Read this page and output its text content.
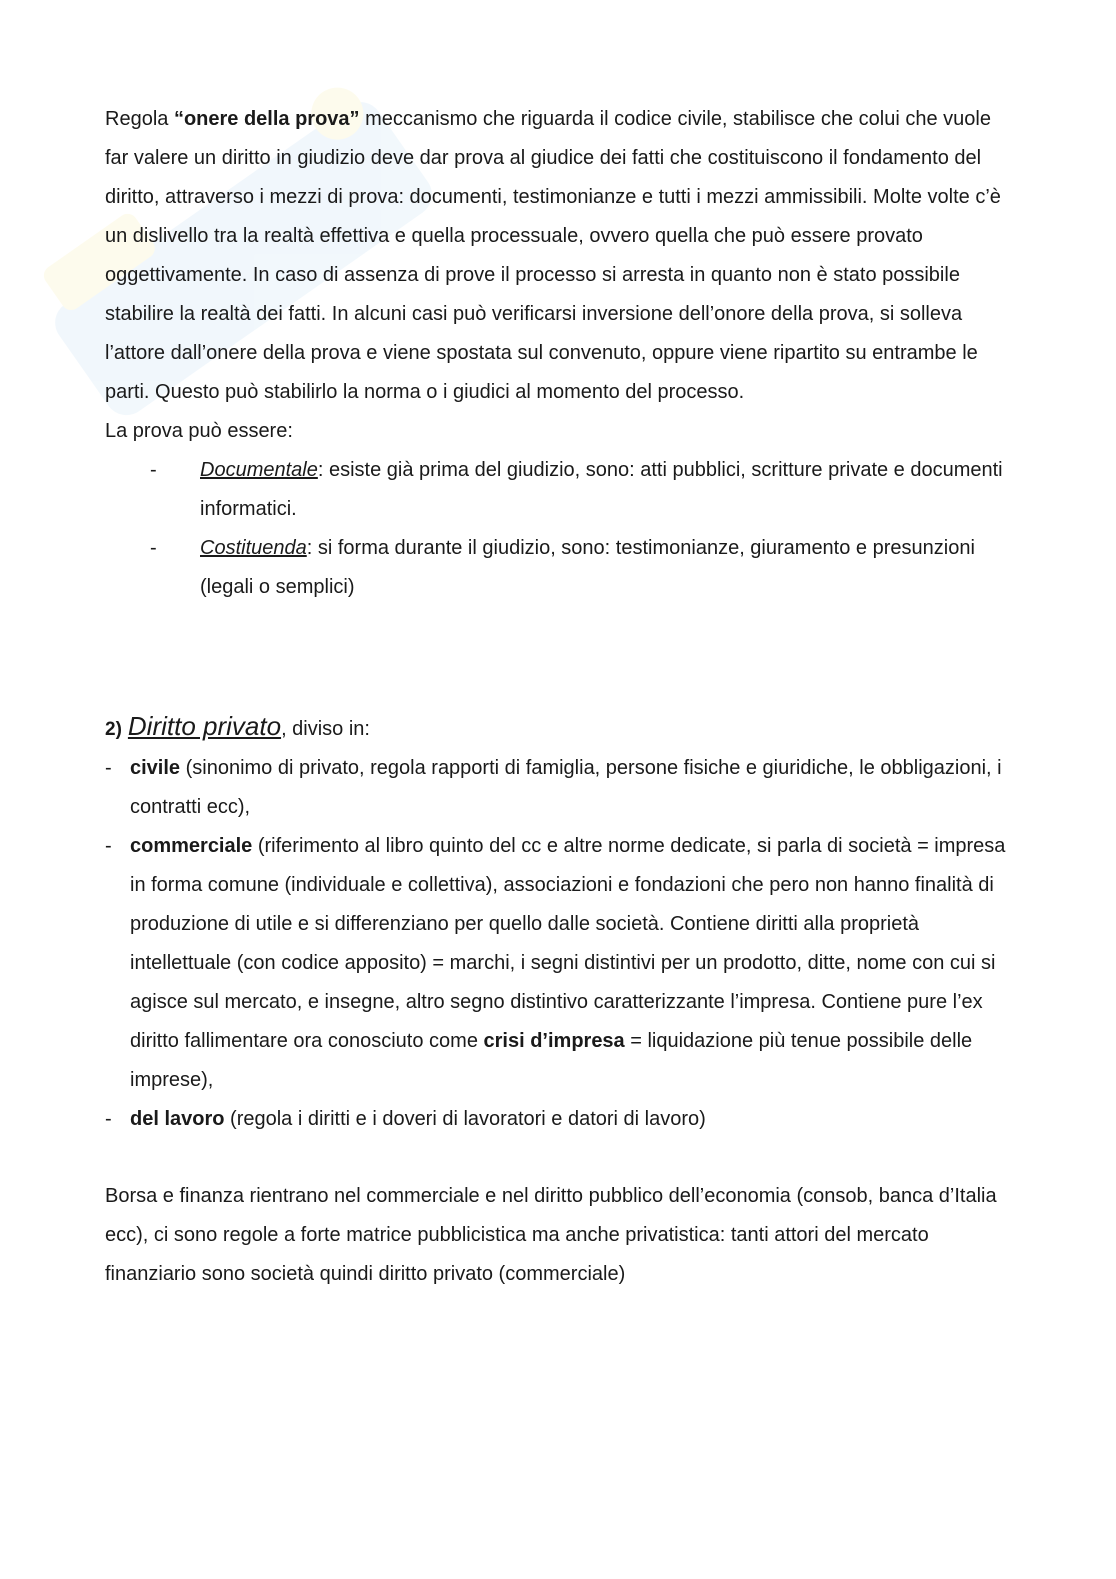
Regola “onere della prova” meccanismo che riguarda il codice civile, stabilisce che colui che vuole far valere un diritto in giudizio deve dar prova al giudice dei fatti che costituiscono il fondamento del diritto, attraverso i mezzi di prova: documenti, testimonianze e tutti i mezzi ammissibili. Molte volte c’è un dislivello tra la realtà effettiva e quella processuale, ovvero quella che può essere provato oggettivamente. In caso di assenza di prove il processo si arresta in quanto non è stato possibile stabilire la realtà dei fatti. In alcuni casi può verificarsi inversione dell’onore della prova, si solleva l’attore dall’onere della prova e viene spostata sul convenuto, oppure viene ripartito su entrambe le parti. Questo può stabilirlo la norma o i giudici al momento del processo.

La prova può essere:

- Documentale: esiste già prima del giudizio, sono: atti pubblici, scritture private e documenti informatici.
- Costituenda: si forma durante il giudizio, sono: testimonianze, giuramento e presunzioni (legali o semplici)

2) Diritto privato , diviso in:

- civile (sinonimo di privato, regola rapporti di famiglia, persone fisiche e giuridiche, le obbligazioni, i contratti ecc),
- commerciale (riferimento al libro quinto del cc e altre norme dedicate, si parla di società = impresa in forma comune (individuale e collettiva), associazioni e fondazioni che pero non hanno finalità di produzione di utile e si differenziano per quello dalle società. Contiene diritti alla proprietà intellettuale (con codice apposito) = marchi, i segni distintivi per un prodotto, ditte, nome con cui si agisce sul mercato, e insegne, altro segno distintivo caratterizzante l’impresa. Contiene pure l’ex diritto fallimentare ora conosciuto come crisi d’impresa = liquidazione più tenue possibile delle imprese),
- del lavoro (regola i diritti e i doveri di lavoratori e datori di lavoro)

Borsa e finanza rientrano nel commerciale e nel diritto pubblico dell’economia (consob, banca d’Italia ecc), ci sono regole a forte matrice pubblicistica ma anche privatistica: tanti attori del mercato finanziario sono società quindi diritto privato (commerciale)
